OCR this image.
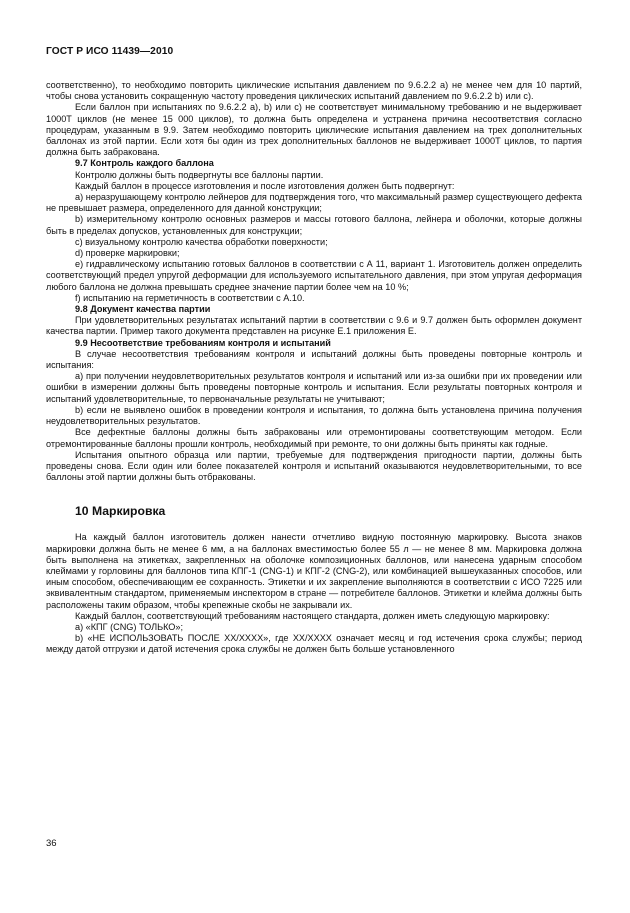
ГОСТ Р ИСО 11439—2010

соответственно), то необходимо повторить циклические испытания давлением по 9.6.2.2 а) не менее чем для 10 партий, чтобы снова установить сокращенную частоту проведения циклических испытаний давлением по 9.6.2.2 b) или с).

Если баллон при испытаниях по 9.6.2.2 а), b) или с) не соответствует минимальному требованию и не выдерживает 1000Т циклов (не менее 15 000 циклов), то должна быть определена и устранена причина несоответствия согласно процедурам, указанным в 9.9. Затем необходимо повторить циклические испытания давлением на трех дополнительных баллонах из этой партии. Если хотя бы один из трех дополнительных баллонов не выдерживает 1000Т циклов, то партия должна быть забракована.

9.7 Контроль каждого баллона

Контролю должны быть подвергнуты все баллоны партии.

Каждый баллон в процессе изготовления и после изготовления должен быть подвергнут:

а) неразрушающему контролю лейнеров для подтверждения того, что максимальный размер существующего дефекта не превышает размера, определенного для данной конструкции;

b) измерительному контролю основных размеров и массы готового баллона, лейнера и оболочки, которые должны быть в пределах допусков, установленных для конструкции;

с) визуальному контролю качества обработки поверхности;

d) проверке маркировки;

е) гидравлическому испытанию готовых баллонов в соответствии с А 11, вариант 1. Изготовитель должен определить соответствующий предел упругой деформации для используемого испытательного давления, при этом упругая деформация любого баллона не должна превышать среднее значение партии более чем на 10 %;

f) испытанию на герметичность в соответствии с А.10.

9.8 Документ качества партии

При удовлетворительных результатах испытаний партии в соответствии с 9.6 и 9.7 должен быть оформлен документ качества партии. Пример такого документа представлен на рисунке Е.1 приложения Е.

9.9 Несоответствие требованиям контроля и испытаний

В случае несоответствия требованиям контроля и испытаний должны быть проведены повторные контроль и испытания:

а) при получении неудовлетворительных результатов контроля и испытаний или из-за ошибки при их проведении или ошибки в измерении должны быть проведены повторные контроль и испытания. Если результаты повторных контроля и испытаний удовлетворительные, то первоначальные результаты не учитывают;

b) если не выявлено ошибок в проведении контроля и испытания, то должна быть установлена причина получения неудовлетворительных результатов.

Все дефектные баллоны должны быть забракованы или отремонтированы соответствующим методом. Если отремонтированные баллоны прошли контроль, необходимый при ремонте, то они должны быть приняты как годные.

Испытания опытного образца или партии, требуемые для подтверждения пригодности партии, должны быть проведены снова. Если один или более показателей контроля и испытаний оказываются неудовлетворительными, то все баллоны этой партии должны быть отбракованы.

10 Маркировка

На каждый баллон изготовитель должен нанести отчетливо видную постоянную маркировку. Высота знаков маркировки должна быть не менее 6 мм, а на баллонах вместимостью более 55 л — не менее 8 мм. Маркировка должна быть выполнена на этикетках, закрепленных на оболочке композиционных баллонов, или нанесена ударным способом клеймами у горловины для баллонов типа КПГ-1 (CNG-1) и КПГ-2 (CNG-2), или комбинацией вышеуказанных способов, или иным способом, обеспечивающим ее сохранность. Этикетки и их закрепление выполняются в соответствии с ИСО 7225 или эквивалентным стандартом, применяемым инспектором в стране — потребителе баллонов. Этикетки и клейма должны быть расположены таким образом, чтобы крепежные скобы не закрывали их.

Каждый баллон, соответствующий требованиям настоящего стандарта, должен иметь следующую маркировку:

а) «КПГ (CNG) ТОЛЬКО»;

b) «НЕ ИСПОЛЬЗОВАТЬ ПОСЛЕ ХХ/ХХХХ», где ХХ/ХХХХ означает месяц и год истечения срока службы; период между датой отгрузки и датой истечения срока службы не должен быть больше установленного

36
